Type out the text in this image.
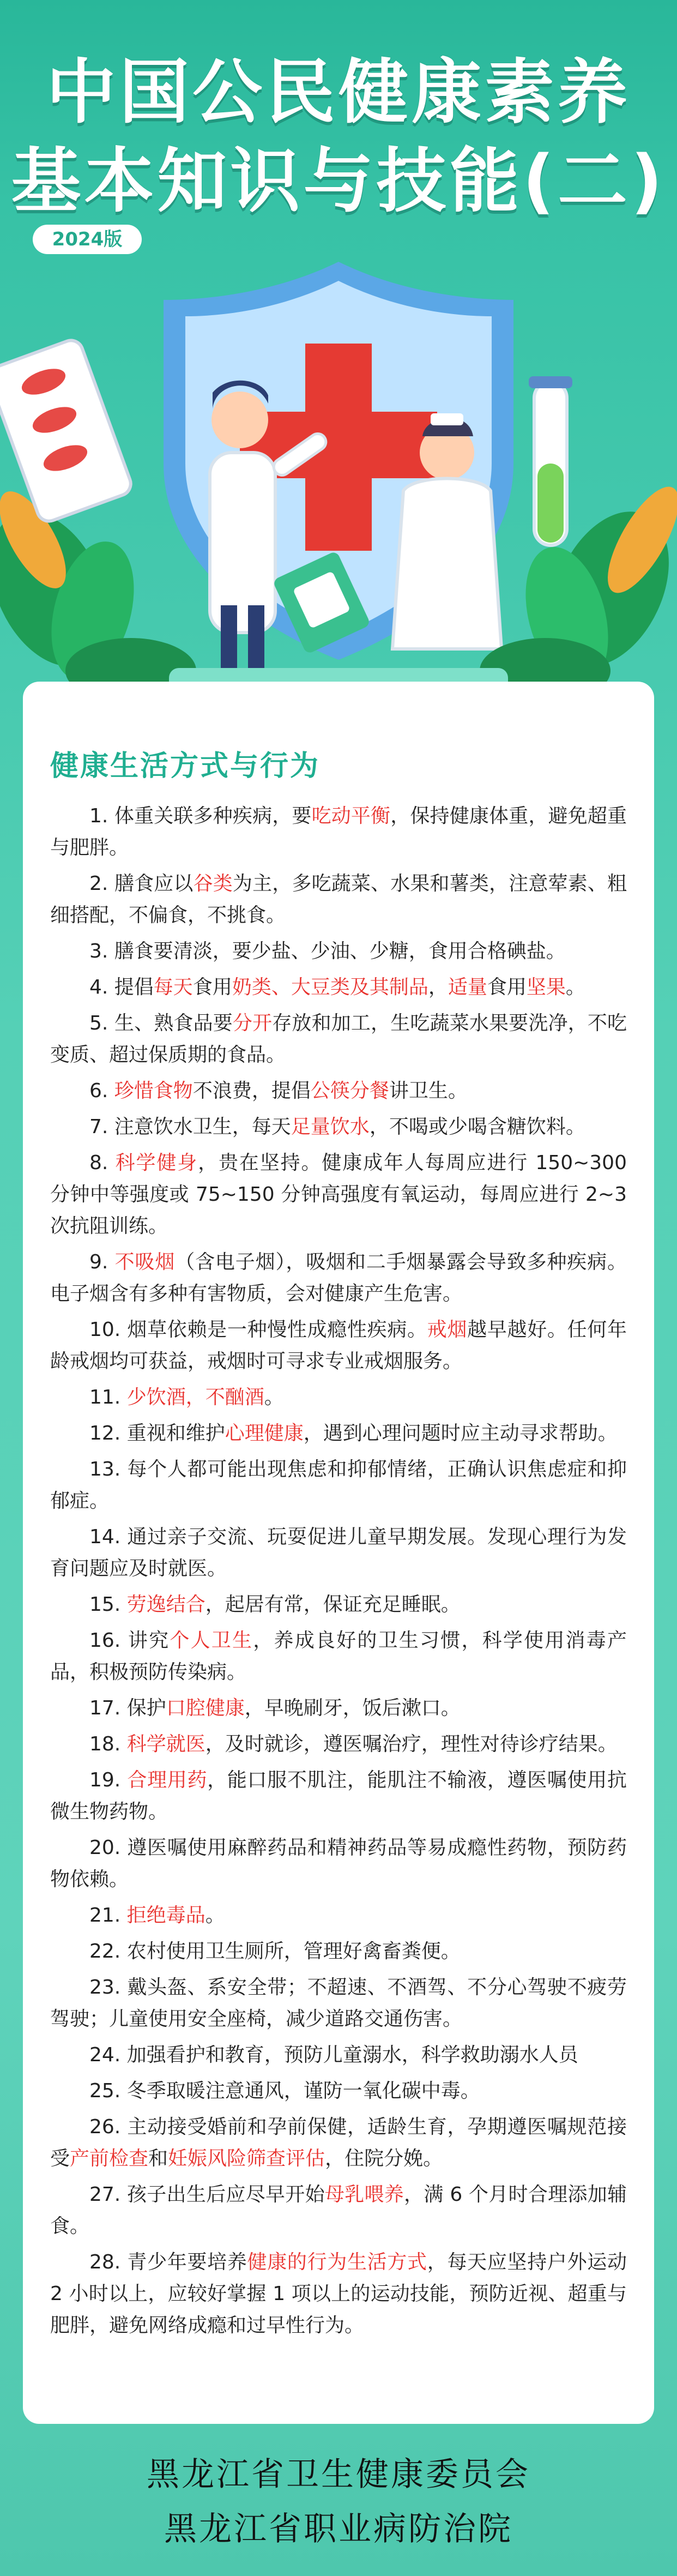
中国公民健康素养
基本知识与技能(二)
2024版
健康生活方式与行为
1. 体重关联多种疾病，要吃动平衡，保持健康体重，避免超重与肥胖。
2. 膳食应以谷类为主，多吃蔬菜、水果和薯类，注意荤素、粗细搭配，不偏食，不挑食。
3. 膳食要清淡，要少盐、少油、少糖，食用合格碘盐。
4. 提倡每天食用奶类、大豆类及其制品，适量食用坚果。
5. 生、熟食品要分开存放和加工，生吃蔬菜水果要洗净，不吃变质、超过保质期的食品。
6. 珍惜食物不浪费，提倡公筷分餐讲卫生。
7. 注意饮水卫生，每天足量饮水，不喝或少喝含糖饮料。
8. 科学健身，贵在坚持。健康成年人每周应进行 150~300 分钟中等强度或 75~150 分钟高强度有氧运动，每周应进行 2~3 次抗阻训练。
9. 不吸烟（含电子烟），吸烟和二手烟暴露会导致多种疾病。电子烟含有多种有害物质，会对健康产生危害。
10. 烟草依赖是一种慢性成瘾性疾病。戒烟越早越好。任何年龄戒烟均可获益，戒烟时可寻求专业戒烟服务。
11. 少饮酒，不酗酒。
12. 重视和维护心理健康，遇到心理问题时应主动寻求帮助。
13. 每个人都可能出现焦虑和抑郁情绪，正确认识焦虑症和抑郁症。
14. 通过亲子交流、玩耍促进儿童早期发展。发现心理行为发育问题应及时就医。
15. 劳逸结合，起居有常，保证充足睡眠。
16. 讲究个人卫生，养成良好的卫生习惯，科学使用消毒产品，积极预防传染病。
17. 保护口腔健康，早晚刷牙，饭后漱口。
18. 科学就医，及时就诊，遵医嘱治疗，理性对待诊疗结果。
19. 合理用药，能口服不肌注，能肌注不输液，遵医嘱使用抗微生物药物。
20. 遵医嘱使用麻醉药品和精神药品等易成瘾性药物，预防药物依赖。
21. 拒绝毒品。
22. 农村使用卫生厕所，管理好禽畜粪便。
23. 戴头盔、系安全带；不超速、不酒驾、不分心驾驶不疲劳驾驶；儿童使用安全座椅，减少道路交通伤害。
24. 加强看护和教育，预防儿童溺水，科学救助溺水人员
25. 冬季取暖注意通风，谨防一氧化碳中毒。
26. 主动接受婚前和孕前保健，适龄生育，孕期遵医嘱规范接受产前检查和妊娠风险筛查评估，住院分娩。
27. 孩子出生后应尽早开始母乳喂养，满 6 个月时合理添加辅食。
28. 青少年要培养健康的行为生活方式，每天应坚持户外运动 2 小时以上，应较好掌握 1 项以上的运动技能，预防近视、超重与肥胖，避免网络成瘾和过早性行为。
黑龙江省卫生健康委员会
黑龙江省职业病防治院
